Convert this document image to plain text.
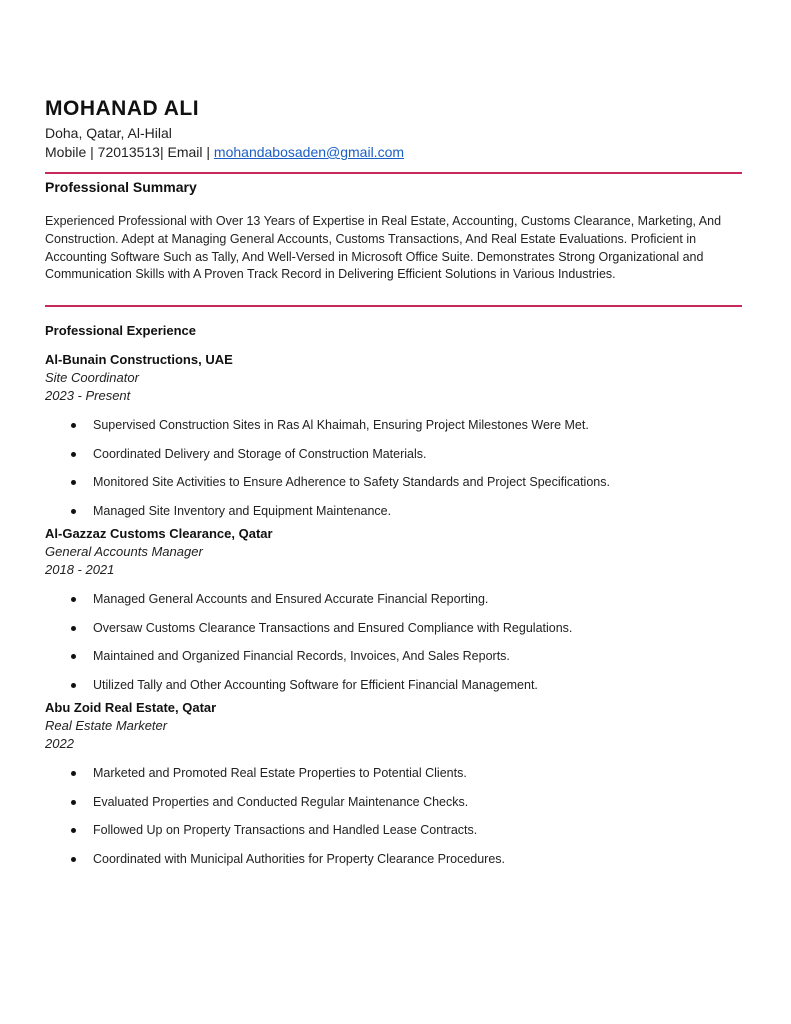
MOHANAD ALI
Doha, Qatar, Al-Hilal
Mobile | 72013513| Email | mohandabosaden@gmail.com
Professional Summary

Experienced Professional with Over 13 Years of Expertise in Real Estate, Accounting, Customs Clearance, Marketing, And Construction. Adept at Managing General Accounts, Customs Transactions, And Real Estate Evaluations. Proficient in Accounting Software Such as Tally, And Well-Versed in Microsoft Office Suite. Demonstrates Strong Organizational and Communication Skills with A Proven Track Record in Delivering Efficient Solutions in Various Industries.

Professional Experience
Al-Bunain Constructions, UAE
Site Coordinator
2023 - Present
Supervised Construction Sites in Ras Al Khaimah, Ensuring Project Milestones Were Met.
Coordinated Delivery and Storage of Construction Materials.
Monitored Site Activities to Ensure Adherence to Safety Standards and Project Specifications.
Managed Site Inventory and Equipment Maintenance.
Al-Gazzaz Customs Clearance, Qatar
General Accounts Manager
2018 - 2021
Managed General Accounts and Ensured Accurate Financial Reporting.
Oversaw Customs Clearance Transactions and Ensured Compliance with Regulations.
Maintained and Organized Financial Records, Invoices, And Sales Reports.
Utilized Tally and Other Accounting Software for Efficient Financial Management.
Abu Zoid Real Estate, Qatar
Real Estate Marketer
2022
Marketed and Promoted Real Estate Properties to Potential Clients.
Evaluated Properties and Conducted Regular Maintenance Checks.
Followed Up on Property Transactions and Handled Lease Contracts.
Coordinated with Municipal Authorities for Property Clearance Procedures.
